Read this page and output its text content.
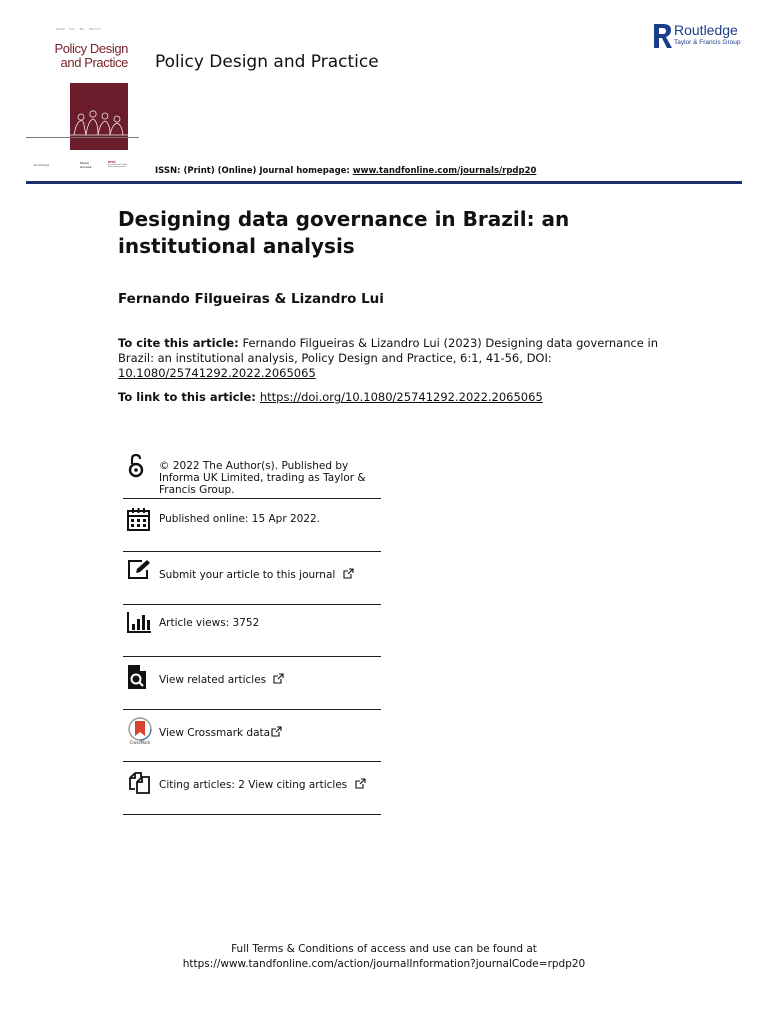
ISSN · Vol · No · Month
Policy Design
and Practice
Routledge	Open
Access
IPPA
International Public Policy Association
Policy Design and Practice
ISSN: (Print) (Online) Journal homepage: www.tandfonline.com/journals/rpdp20
Routledge
Taylor & Francis Group
Designing data governance in Brazil: an institutional analysis
Fernando Filgueiras & Lizandro Lui
To cite this article: Fernando Filgueiras & Lizandro Lui (2023) Designing data governance in Brazil: an institutional analysis, Policy Design and Practice, 6:1, 41-56, DOI: 10.1080/25741292.2022.2065065
To link to this article: https://doi.org/10.1080/25741292.2022.2065065
© 2022 The Author(s). Published by Informa UK Limited, trading as Taylor & Francis Group.
Published online: 15 Apr 2022.
Submit your article to this journal
Article views: 3752
View related articles
CrossMark
View Crossmark data
Citing articles: 2 View citing articles
Full Terms & Conditions of access and use can be found at
https://www.tandfonline.com/action/journalInformation?journalCode=rpdp20
